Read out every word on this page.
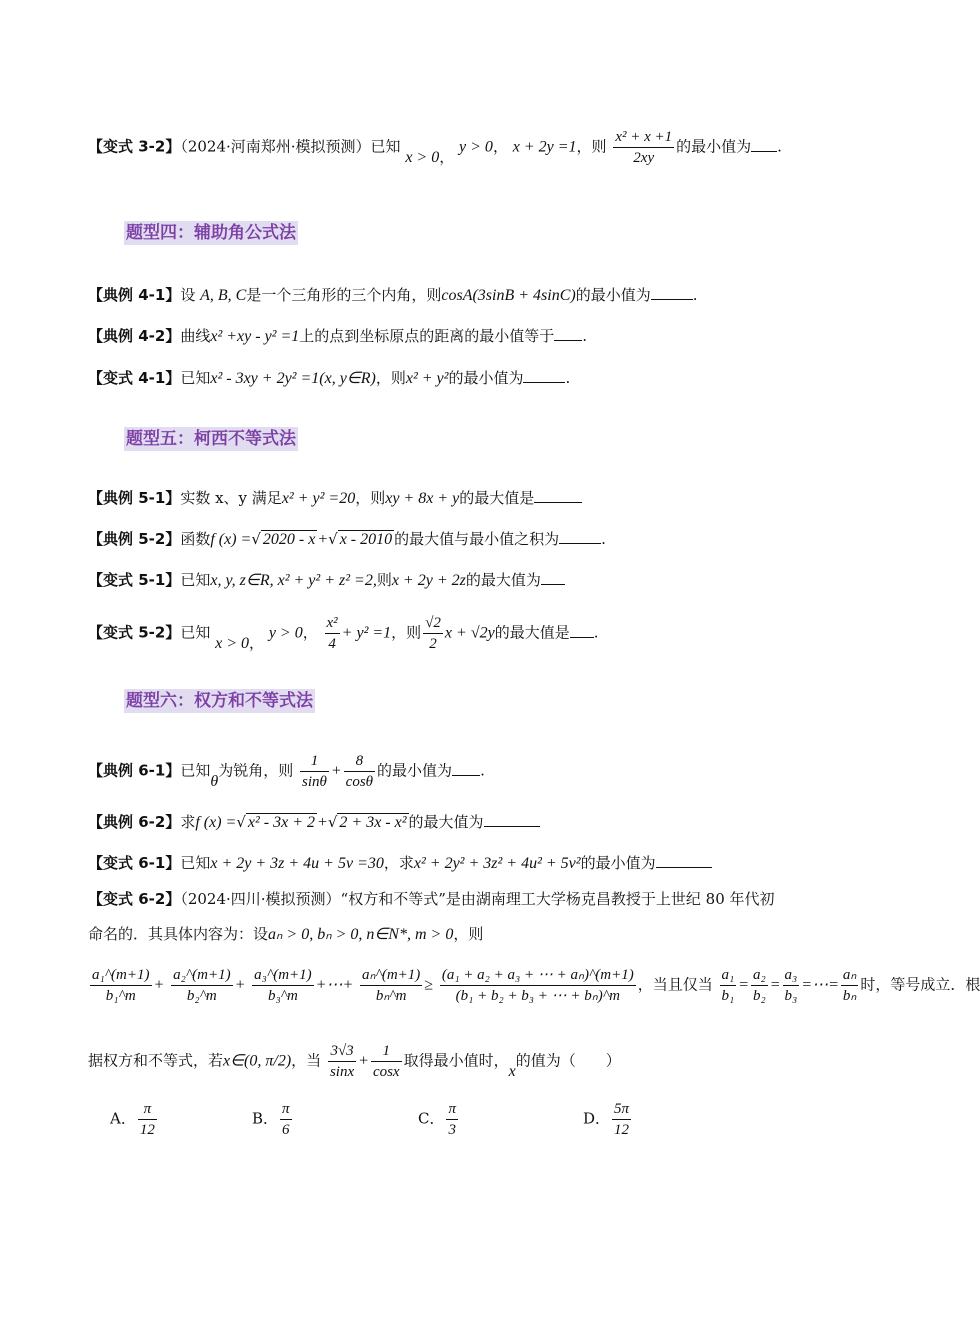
【变式 3-2】（2024·河南郑州·模拟预测）已知 x > 0， y > 0， x + 2y =1，则 $\frac{\text{x² + x +1}}{2xy}$ 的最小值为 .
题型四：辅助角公式法
【典例 4-1】设 A, B, C是一个三角形的三个内角，则cosA(3sinB + 4sinC)的最小值为	.
【典例 4-2】曲线x² +xy - y² =1上的点到坐标原点的距离的最小值等于 .
【变式 4-1】已知x² - 3xy + 2y² =1(x, y∈R)，则x² + y²的最小值为	.
题型五：柯西不等式法
【典例 5-1】实数 x、y 满足x² + y² =20，则xy + 8x + y的最大值是
【典例 5-2】函数f (x) =√ 2020 - x +√ x - 2010 的最大值与最小值之积为	.
【变式 5-1】已知x, y, z∈R, x² + y² + z² =2,则x + 2y + 2z的最大值为
【变式 5-2】已知 x > 0， y > 0， $\frac{\text{x²}}{4} + y^2 =1$，则 $\frac{√2}{2}$ x + √2y的最大值是 .
题型六：权方和不等式法
【典例 6-1】已知θ为锐角，则 $\frac{1}{\sin\theta} + \frac{8}{\cos\theta}$ 的最小值为 .
【典例 6-2】求f (x) =√ x² - 3x + 2 +√ 2 + 3x - x² 的最大值为
【变式 6-1】已知x + 2y + 3z + 4u + 5v =30，求x² + 2y² + 3z² + 4u² + 5v²的最小值为
【变式 6-2】（2024·四川·模拟预测）“权方和不等式”是由湖南理工大学杨克昌教授于上世纪 80 年代初
命名的．其具体内容为：设aₙ > 0, bₙ > 0, n∈N*, m > 0，则
$\frac{\text{a₁\textasciicircum{}(m+1)}}{\text{b₁\textasciicircum{}m}} + \frac{\text{a₂\textasciicircum{}(m+1)}}{\text{b₂\textasciicircum{}m}} + \frac{\text{a₃\textasciicircum{}(m+1)}}{\text{b₃\textasciicircum{}m}}$ +⋯+ $\frac{\text{aₙ\textasciicircum{}(m+1)}}{\text{bₙ\textasciicircum{}m}} \ge \frac{\text{(a₁ + a₂ + a₃ + ⋯ + aₙ)\textasciicircum{}(m+1)}}{\text{(b₁ + b₂ + b₃ + ⋯ + bₙ)\textasciicircum{}m}}$ ，当且仅当 $\frac{\text{a₁}}{\text{b₁}} = \frac{\text{a₂}}{\text{b₂}} = \frac{\text{a₃}}{\text{b₃}}$ =⋯= $\frac{\text{aₙ}}{\text{bₙ}}$ 时，等号成立．根
据权方和不等式，若x∈(0, π/2)，当 $\frac{3√3}{\sin x} + \frac{1}{\cos x}$ 取得最小值时，x的值为（　　）
A． $\frac{\pi}{12}$	B． $\frac{\pi}{6}$	C． $\frac{\pi}{3}$	D． $\frac{5\pi}{12}$
